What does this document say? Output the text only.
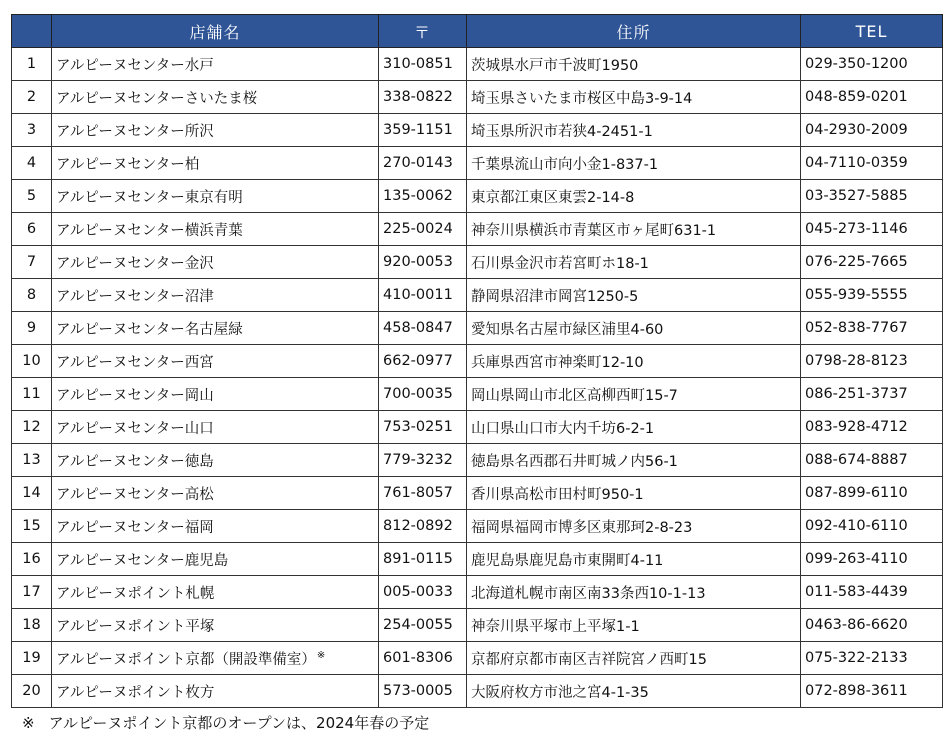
	店舗名	〒	住所	TEL
1	アルピーヌセンター水戸	310-0851	茨城県水戸市千波町1950	029-350-1200
2	アルピーヌセンターさいたま桜	338-0822	埼玉県さいたま市桜区中島3-9-14	048-859-0201
3	アルピーヌセンター所沢	359-1151	埼玉県所沢市若狭4-2451-1	04-2930-2009
4	アルピーヌセンター柏	270-0143	千葉県流山市向小金1-837-1	04-7110-0359
5	アルピーヌセンター東京有明	135-0062	東京都江東区東雲2-14-8	03-3527-5885
6	アルピーヌセンター横浜青葉	225-0024	神奈川県横浜市青葉区市ヶ尾町631-1	045-273-1146
7	アルピーヌセンター金沢	920-0053	石川県金沢市若宮町ホ18-1	076-225-7665
8	アルピーヌセンター沼津	410-0011	静岡県沼津市岡宮1250-5	055-939-5555
9	アルピーヌセンター名古屋緑	458-0847	愛知県名古屋市緑区浦里4-60	052-838-7767
10	アルピーヌセンター西宮	662-0977	兵庫県西宮市神楽町12-10	0798-28-8123
11	アルピーヌセンター岡山	700-0035	岡山県岡山市北区高柳西町15-7	086-251-3737
12	アルピーヌセンター山口	753-0251	山口県山口市大内千坊6-2-1	083-928-4712
13	アルピーヌセンター徳島	779-3232	徳島県名西郡石井町城ノ内56-1	088-674-8887
14	アルピーヌセンター高松	761-8057	香川県高松市田村町950-1	087-899-6110
15	アルピーヌセンター福岡	812-0892	福岡県福岡市博多区東那珂2-8-23	092-410-6110
16	アルピーヌセンター鹿児島	891-0115	鹿児島県鹿児島市東開町4-11	099-263-4110
17	アルピーヌポイント札幌	005-0033	北海道札幌市南区南33条西10-1-13	011-583-4439
18	アルピーヌポイント平塚	254-0055	神奈川県平塚市上平塚1-1	0463-86-6620
19	アルピーヌポイント京都（開設準備室）※	601-8306	京都府京都市南区吉祥院宮ノ西町15	075-322-2133
20	アルピーヌポイント枚方	573-0005	大阪府枚方市池之宮4-1-35	072-898-3611
※ アルピーヌポイント京都のオープンは、2024年春の予定
